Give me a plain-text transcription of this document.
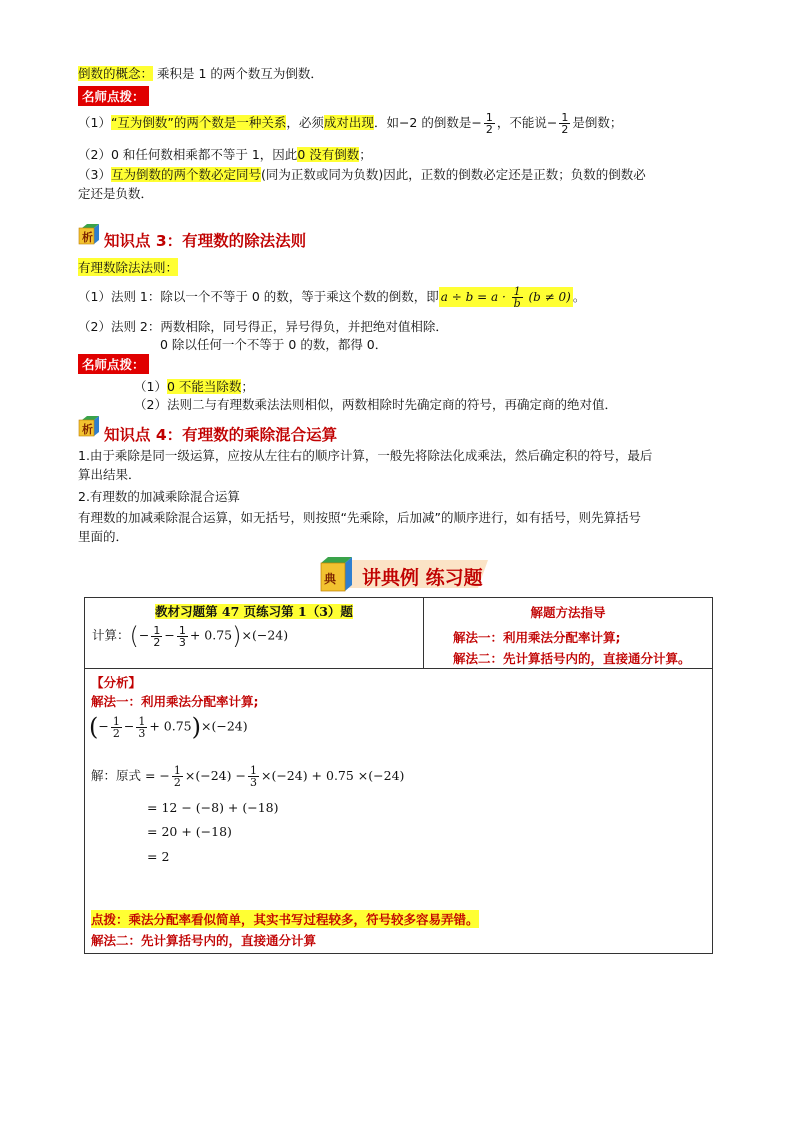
倒数的概念： 乘积是 1 的两个数互为倒数．
名师点拨：
（1）“互为倒数”的两个数是一种关系，必须成对出现．如−2 的倒数是− $\frac{1}{2}$ ，不能说− $\frac{1}{2}$ 是倒数；
（2）0 和任何数相乘都不等于 1，因此0 没有倒数；
（3）互为倒数的两个数必定同号(同为正数或同为负数)因此，正数的倒数必定还是正数；负数的倒数必
定还是负数．
析 知识点 3：有理数的除法法则
有理数除法法则：
（1）法则 1：除以一个不等于 0 的数，等于乘这个数的倒数，即 $a \div b = a \cdot \frac{1}{b} (b \ne 0)$ 。
（2）法则 2：两数相除，同号得正，异号得负，并把绝对值相除．
0 除以任何一个不等于 0 的数，都得 0．
名师点拨：
（1）0 不能当除数；
（2）法则二与有理数乘法法则相似，两数相除时先确定商的符号，再确定商的绝对值．
析 知识点 4：有理数的乘除混合运算
1.由于乘除是同一级运算，应按从左往右的顺序计算，一般先将除法化成乘法，然后确定积的符号，最后
算出结果．
2.有理数的加减乘除混合运算
有理数的加减乘除混合运算，如无括号，则按照“先乘除，后加减”的顺序进行，如有括号，则先算括号
里面的．
典 讲典例 练习题
教材习题第 47 页练习第 1（3）题
计算：(− $\frac{1}{2} - \frac{1}{3} + 0.75)\times(-24)$

解题方法指导
解法一：利用乘法分配率计算;
解法二：先计算括号内的，直接通分计算。

【分析】
解法一：利用乘法分配率计算;
(− $\frac{1}{2} - \frac{1}{3} + 0.75)\times(-24)$
解：原式 = − $\frac{1}{2} \times(-24) - \frac{1}{3} \times(-24) + 0.75 \times(-24)$
= 12 − (−8) + (−18)
= 20 + (−18)
= 2
点拨：乘法分配率看似简单，其实书写过程较多，符号较多容易弄错。
解法二：先计算括号内的，直接通分计算
